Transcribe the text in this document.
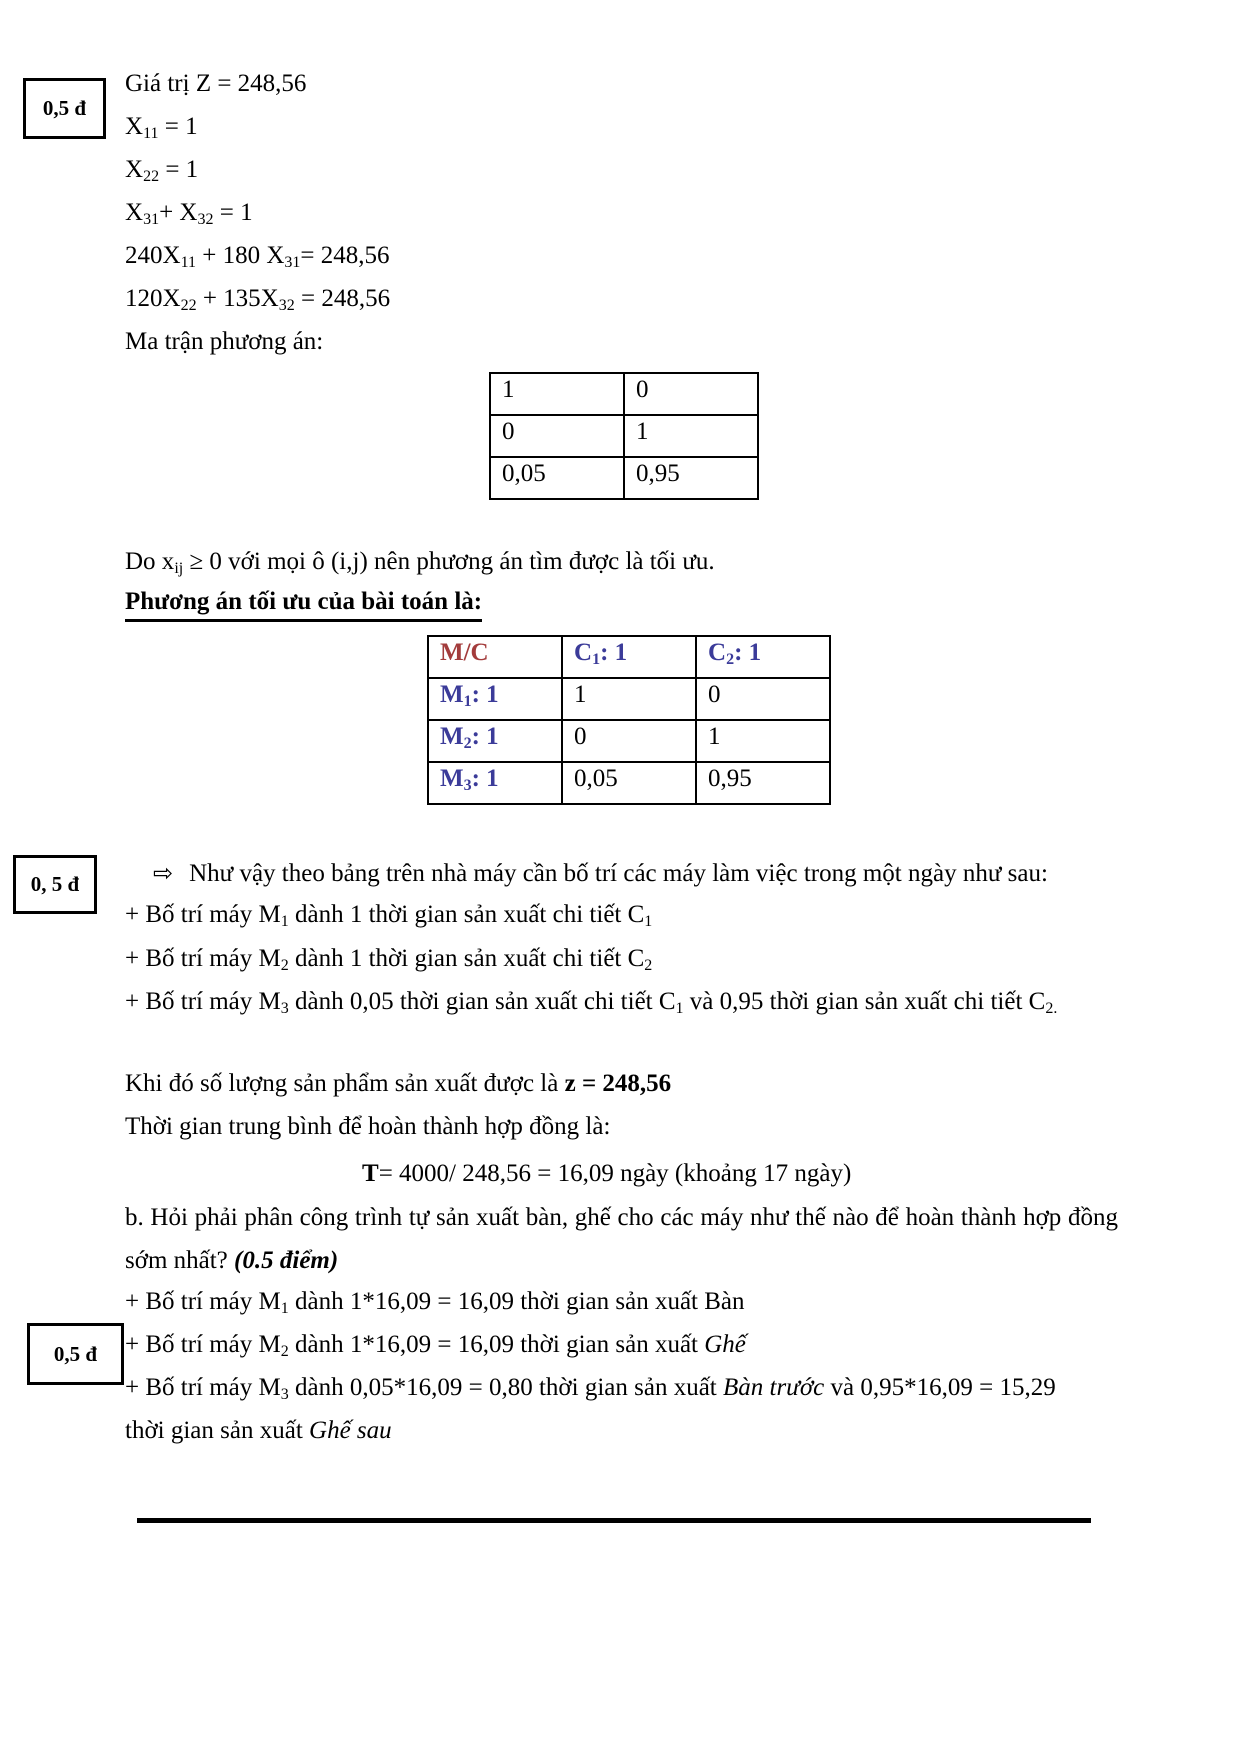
0,5 đ
0, 5 đ
0,5 đ
Giá trị Z = 248,56
$X_{11} = 1$
$X_{22} = 1$
$X_{31}+ X_{32} = 1$
$240X_{11} + 180$ $X_{31}= 248,56$
$120X_{22} + 135X_{32} = 248,56$
Ma trận phương án:
1	0
0	1
0,05	0,95
Do $x_{ij} \ge 0$ với mọi ô (i,j) nên phương án tìm được là tối ưu.
Phương án tối ưu của bài toán là:
M/C	$C_1$: 1	$C_2$: 1
$M_1$: 1	1	0
$M_2$: 1	0	1
$M_3$: 1	0,05	0,95
⇨ Như vậy theo bảng trên nhà máy cần bố trí các máy làm việc trong một ngày như sau:
+ Bố trí máy $M_1$ dành 1 thời gian sản xuất chi tiết $C_1$
+ Bố trí máy $M_2$ dành 1 thời gian sản xuất chi tiết $C_2$
+ Bố trí máy $M_3$ dành 0,05 thời gian sản xuất chi tiết $C_1$ và 0,95 thời gian sản xuất chi tiết $C_{2.}$
Khi đó số lượng sản phẩm sản xuất được là z = 248,56
Thời gian trung bình để hoàn thành hợp đồng là:
T= 4000/ 248,56 = 16,09 ngày (khoảng 17 ngày)
b. Hỏi phải phân công trình tự sản xuất bàn, ghế cho các máy như thế nào để hoàn thành hợp đồng sớm nhất? (0.5 điểm)
+ Bố trí máy $M_1$ dành 1*16,09 = 16,09 thời gian sản xuất Bàn
+ Bố trí máy $M_2$ dành 1*16,09 = 16,09 thời gian sản xuất Ghế
+ Bố trí máy $M_3$ dành 0,05*16,09 = 0,80 thời gian sản xuất Bàn trước và 0,95*16,09 = 15,29
thời gian sản xuất Ghế sau
